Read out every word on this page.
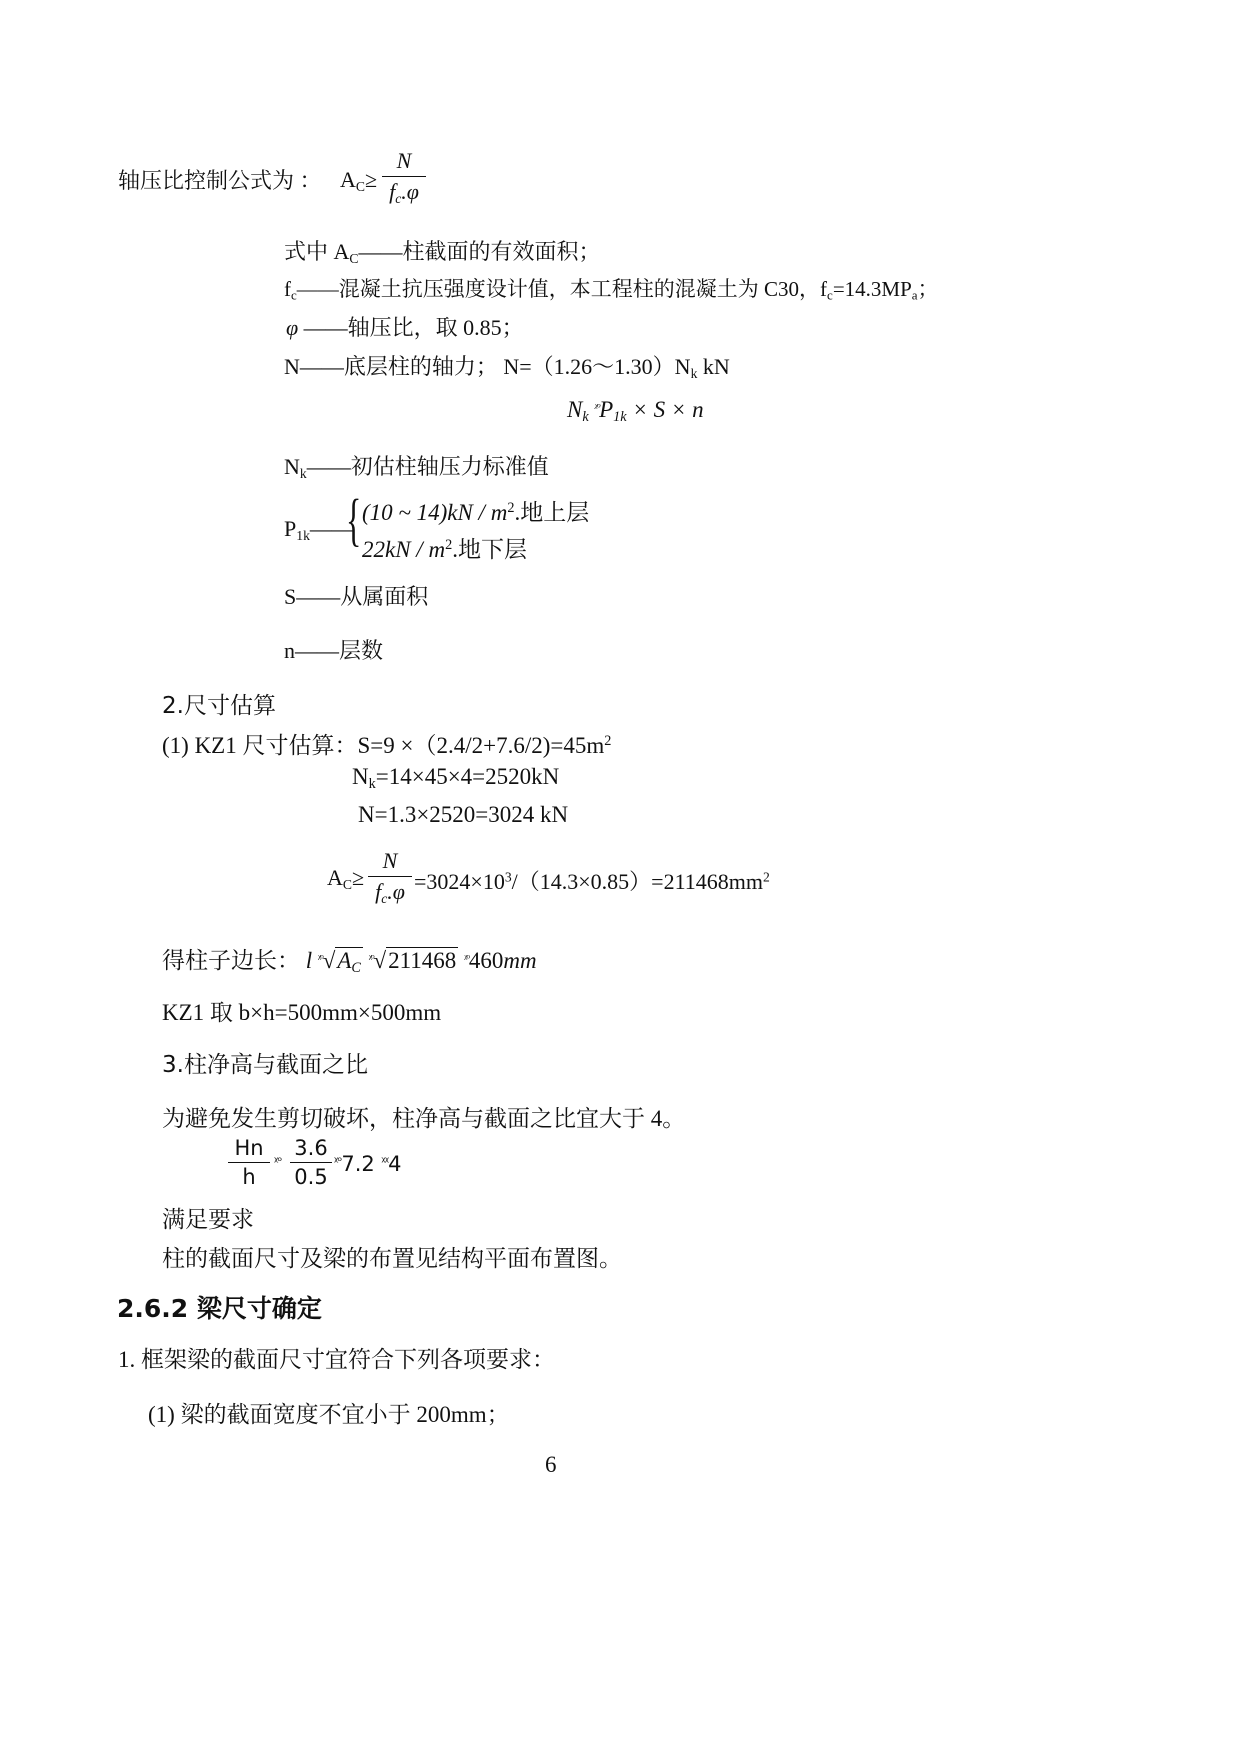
轴压比控制公式为 ： $A_C\ge \frac{N}{f_c.\varphi}$
式中 $A_C——$柱截面的有效面积；
$f_c——$混凝土抗压强度设计值，本工程柱的混凝土为 C30，$f_c=14.3MP_a$；
φ ——轴压比，取 0.85；
N——底层柱的轴力； $N=(1.26\sim 1.30)N_k$ kN
$N_k$ $^{ᵡᵒ}P_{1k} \times S \times n$
$N_k——$初估柱轴压力标准值
$P_{1k}——$
{ (10 ~ $14)kN / m^2$.地上层
$22kN / m^2$.地下层
S——从属面积
n——层数
2.尺寸估算
(1) KZ1 尺寸估算：$S=9 \times(2.4/2+7.6/2)=45m^2$
$N_k=14\times 45\times 4=2520kN$
N=1.3×2520=3024 kN
$A_C\ge \frac{N}{f_c.\varphi} =3024\times 10^3/(14.3\times 0.85)=211468mm^2$
得柱子边长： l $^{ᵡᵒ}√A_C$ $^{ᵡᵒ}$√211468 $^{ᵡᵒ}$460mm
KZ1 取 b×h=500mm×500mm
3.柱净高与截面之比
为避免发生剪切破坏，柱净高与截面之比宜大于 4。
$\frac{Hn}{h} ^{ᵡᵒ} \frac{3.6}{0.5} ^{ᵡᵒ}7.2$ $^{ᵡᵡ}$4
满足要求
柱的截面尺寸及梁的布置见结构平面布置图。
2.6.2 梁尺寸确定
1. 框架梁的截面尺寸宜符合下列各项要求：
(1) 梁的截面宽度不宜小于 200mm；
6
